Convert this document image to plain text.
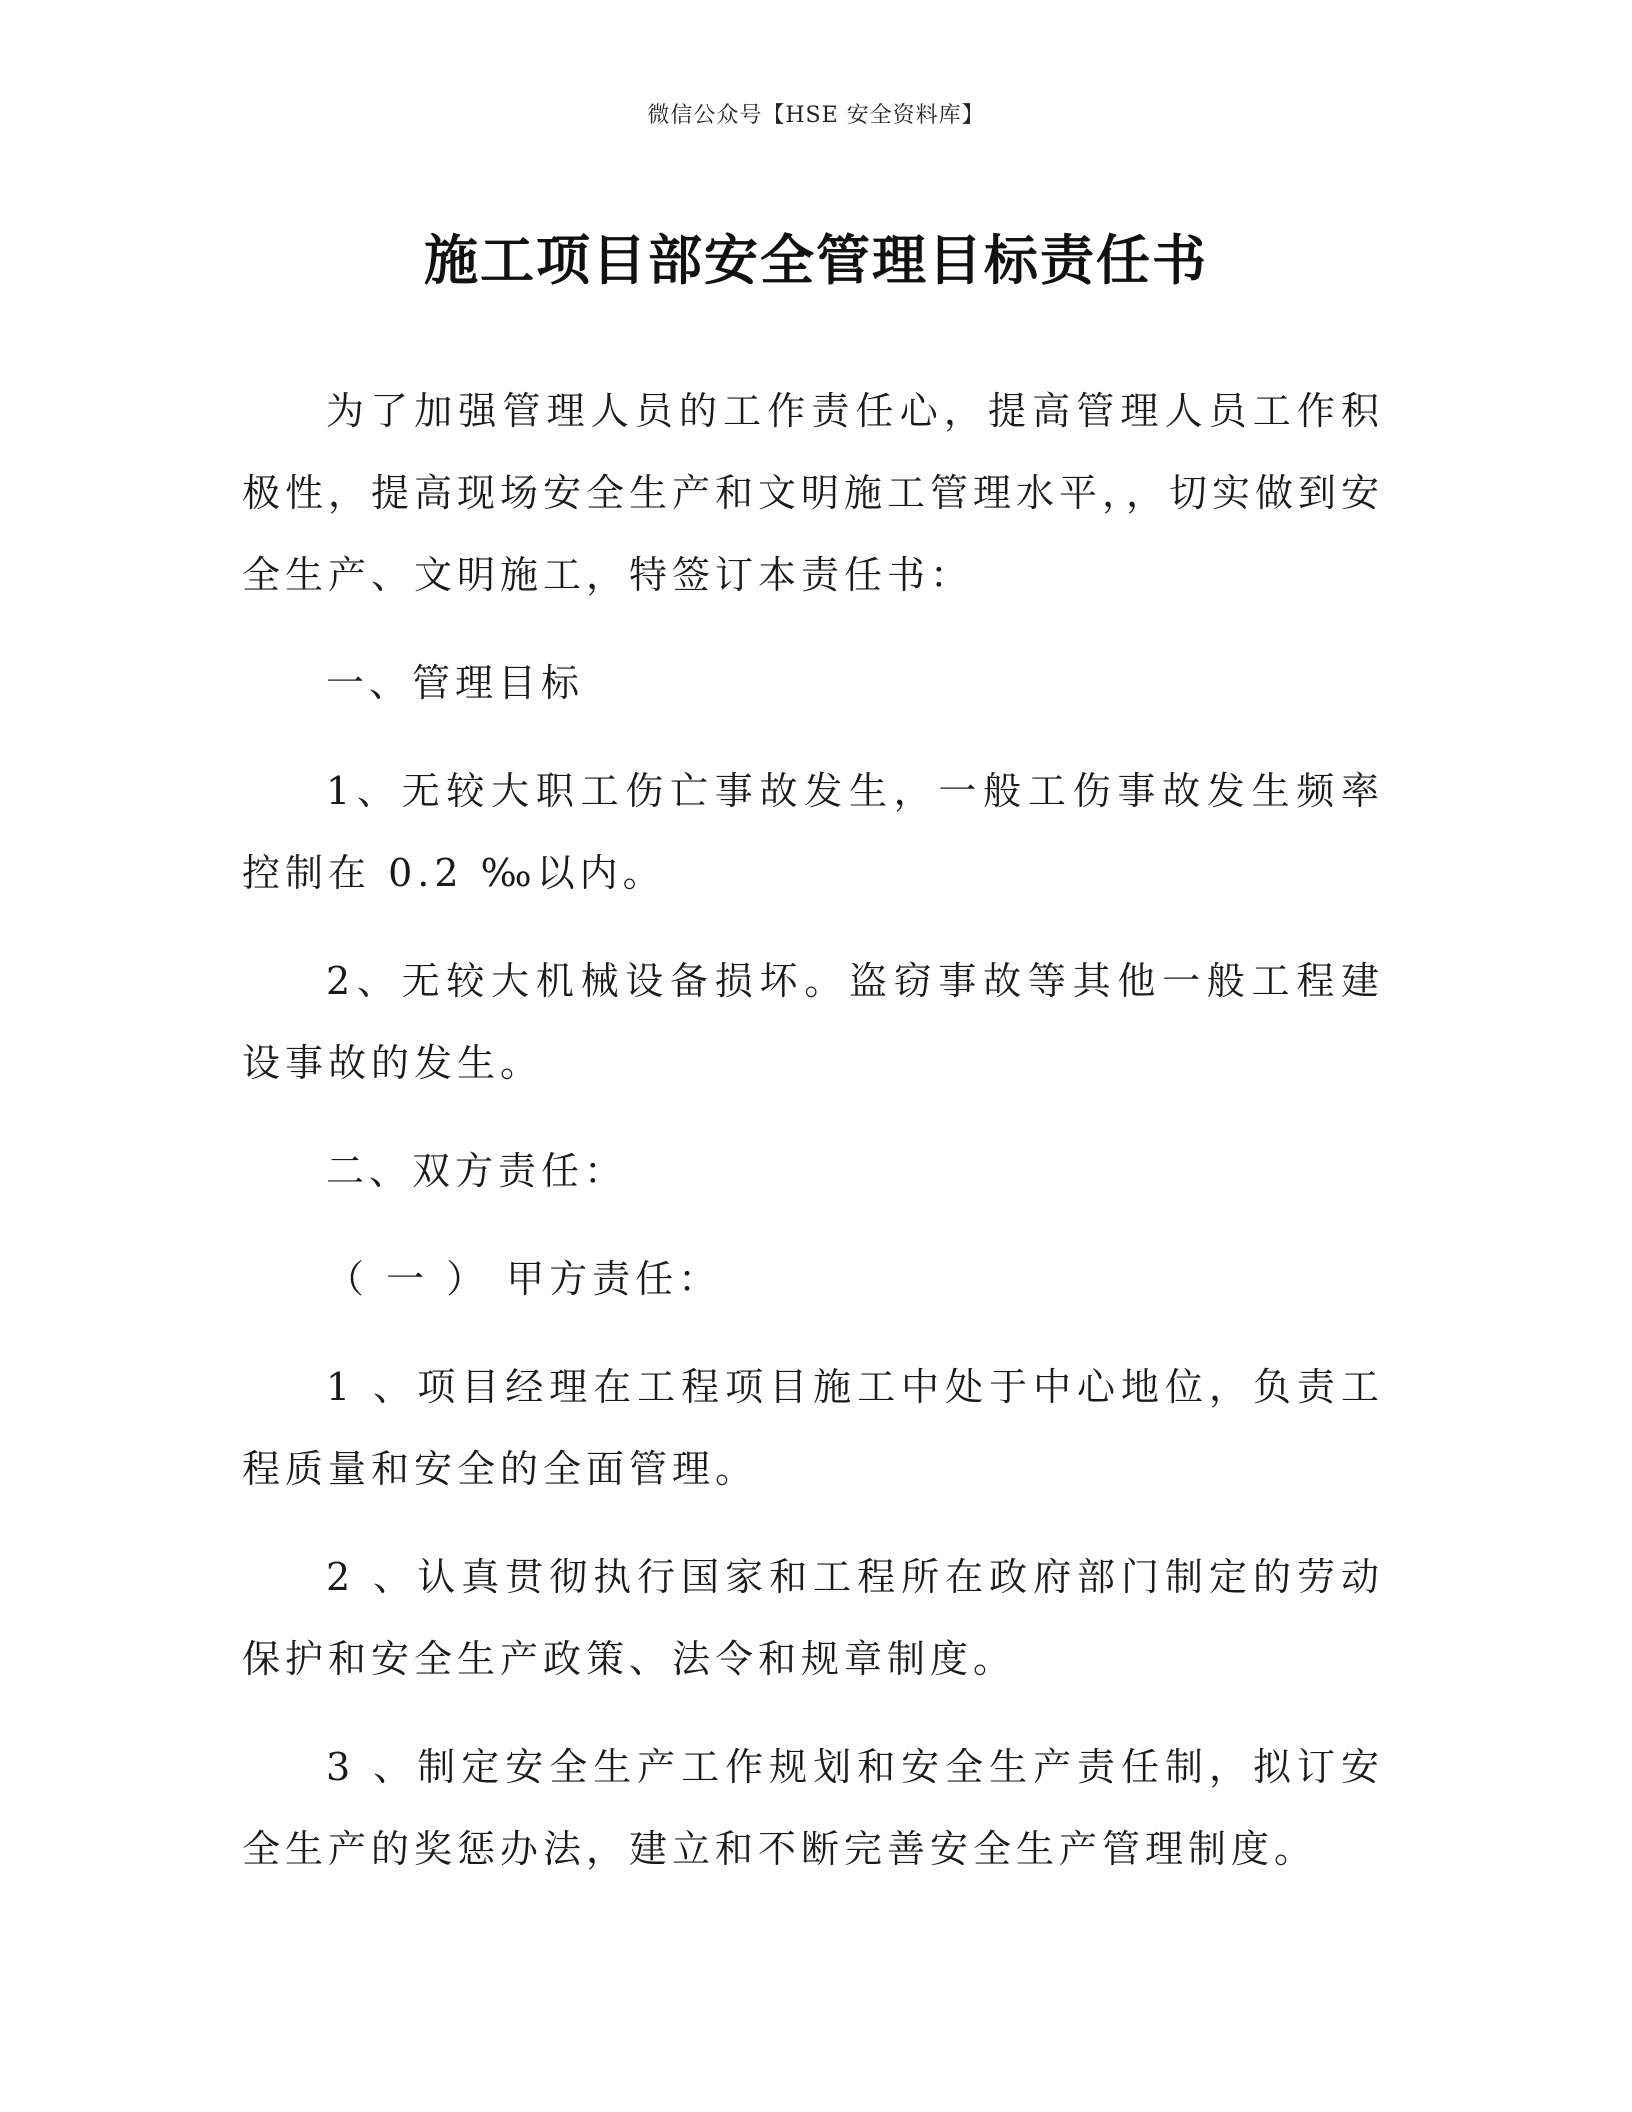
微信公众号【HSE 安全资料库】
施工项目部安全管理目标责任书

为了加强管理人员的工作责任心，提高管理人员工作积极性，提高现场安全生产和文明施工管理水平，，切实做到安全生产、文明施工，特签订本责任书：

一、管理目标

1、无较大职工伤亡事故发生，一般工伤事故发生频率控制在 0.2 ‰以内。

2、无较大机械设备损坏。盗窃事故等其他一般工程建设事故的发生。

二、双方责任：

（ 一 ） 甲方责任：

1 、项目经理在工程项目施工中处于中心地位，负责工程质量和安全的全面管理。

2 、认真贯彻执行国家和工程所在政府部门制定的劳动保护和安全生产政策、法令和规章制度。

3 、制定安全生产工作规划和安全生产责任制，拟订安全生产的奖惩办法，建立和不断完善安全生产管理制度。
